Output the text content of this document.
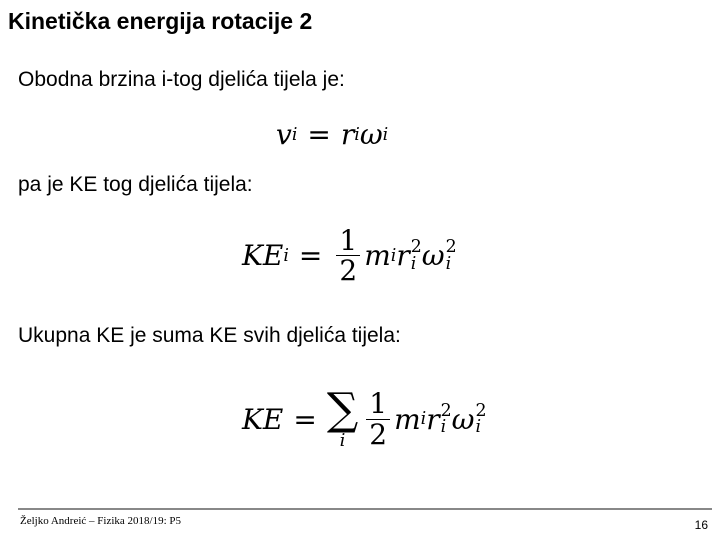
Kinetička energija rotacije 2

Obodna brzina i-tog djelića tijela je:

v i = r i ω i

pa je KE tog djelića tijela:

KE $i = \frac{1}{2}$ m i r 2
i ω 2
i

Ukupna KE je suma KE svih djelića tijela:

KE = ∑
i $\frac{1}{2}$ m i r 2
i ω 2
i
Željko Andreić – Fizika 2018/19: P5	16
